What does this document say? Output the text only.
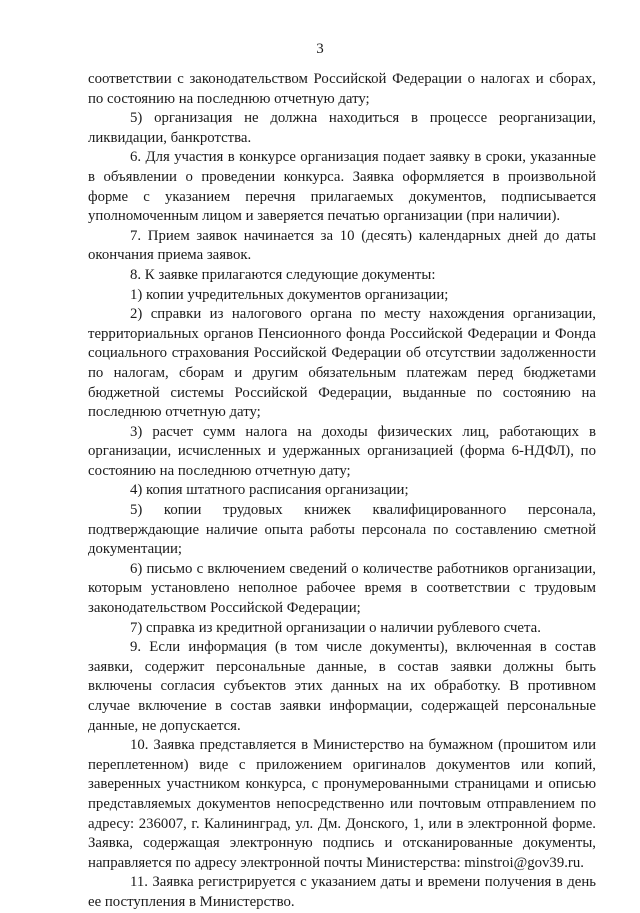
3

соответствии с законодательством Российской Федерации о налогах и сборах, по состоянию на последнюю отчетную дату;

5) организация не должна находиться в процессе реорганизации, ликвидации, банкротства.

6. Для участия в конкурсе организация подает заявку в сроки, указанные в объявлении о проведении конкурса. Заявка оформляется в произвольной форме с указанием перечня прилагаемых документов, подписывается уполномоченным лицом и заверяется печатью организации (при наличии).

7. Прием заявок начинается за 10 (десять) календарных дней до даты окончания приема заявок.

8. К заявке прилагаются следующие документы:

1) копии учредительных документов организации;

2) справки из налогового органа по месту нахождения организации, территориальных органов Пенсионного фонда Российской Федерации и Фонда социального страхования Российской Федерации об отсутствии задолженности по налогам, сборам и другим обязательным платежам перед бюджетами бюджетной системы Российской Федерации, выданные по состоянию на последнюю отчетную дату;

3) расчет сумм налога на доходы физических лиц, работающих в организации, исчисленных и удержанных организацией (форма 6-НДФЛ), по состоянию на последнюю отчетную дату;

4) копия штатного расписания организации;

5) копии трудовых книжек квалифицированного персонала, подтверждающие наличие опыта работы персонала по составлению сметной документации;

6) письмо с включением сведений о количестве работников организации, которым установлено неполное рабочее время в соответствии с трудовым законодательством Российской Федерации;

7) справка из кредитной организации о наличии рублевого счета.

9. Если информация (в том числе документы), включенная в состав заявки, содержит персональные данные, в состав заявки должны быть включены согласия субъектов этих данных на их обработку. В противном случае включение в состав заявки информации, содержащей персональные данные, не допускается.

10. Заявка представляется в Министерство на бумажном (прошитом или переплетенном) виде с приложением оригиналов документов или копий, заверенных участником конкурса, с пронумерованными страницами и описью представляемых документов непосредственно или почтовым отправлением по адресу: 236007, г. Калининград, ул. Дм. Донского, 1, или в электронной форме. Заявка, содержащая электронную подпись и отсканированные документы, направляется по адресу электронной почты Министерства: minstroi@gov39.ru.

11. Заявка регистрируется с указанием даты и времени получения в день ее поступления в Министерство.
